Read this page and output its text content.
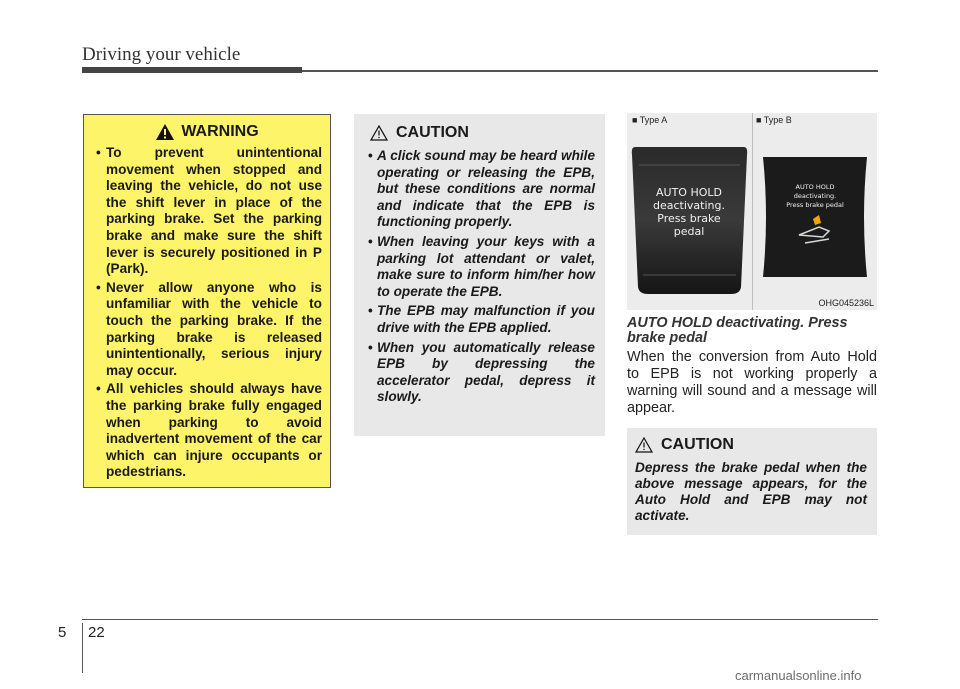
Driving your vehicle
WARNING
• To prevent unintentional movement when stopped and leaving the vehicle, do not use the shift lever in place of the parking brake. Set the parking brake and make sure the shift lever is securely positioned in P (Park).
• Never allow anyone who is unfamiliar with the vehicle to touch the parking brake. If the parking brake is released unintentionally, serious injury may occur.
• All vehicles should always have the parking brake fully engaged when parking to avoid inadvertent movement of the car which can injure occupants or pedestrians.
CAUTION
• A click sound may be heard while operating or releasing the EPB, but these conditions are normal and indicate that the EPB is functioning properly.
• When leaving your keys with a parking lot attendant or valet, make sure to inform him/her how to operate the EPB.
• The EPB may malfunction if you drive with the EPB applied.
• When you automatically release EPB by depressing the accelerator pedal, depress it slowly.
■ Type A	■ Type B
AUTO HOLD
deactivating.
Press brake
pedal
AUTO HOLD
deactivating.
Press brake pedal
OHG045236L
AUTO HOLD deactivating. Press brake pedal
When the conversion from Auto Hold to EPB is not working properly a warning will sound and a message will appear.
CAUTION

Depress the brake pedal when the above message appears, for the Auto Hold and EPB may not activate.

5 22
carmanualsonline.info
